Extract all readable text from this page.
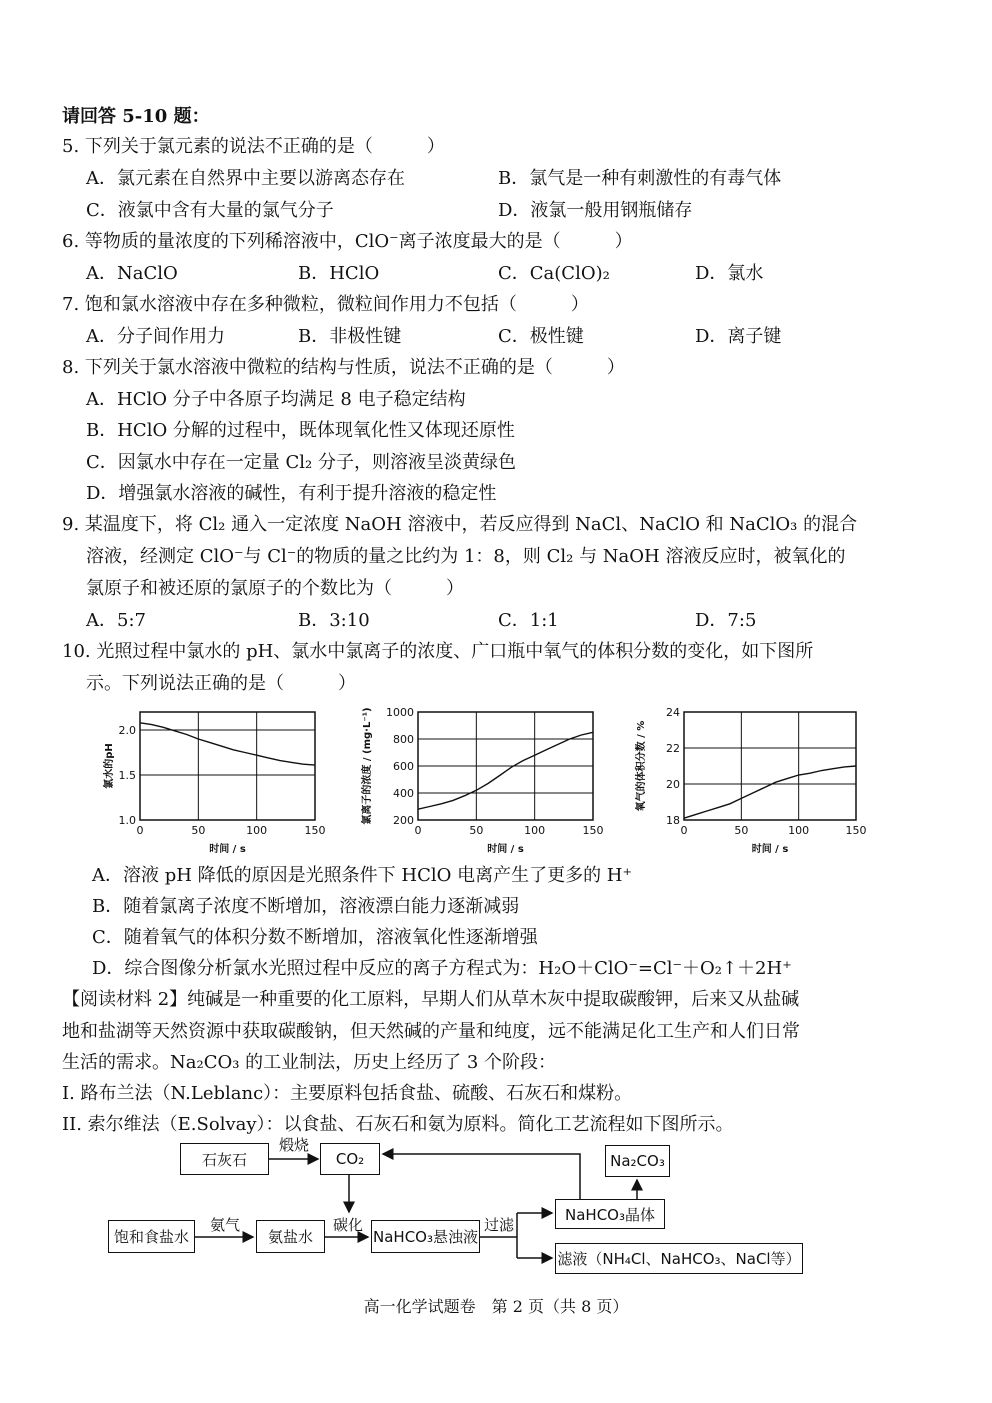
请回答 5-10 题：
5. 下列关于氯元素的说法不正确的是（　　　）
A．氯元素在自然界中主要以游离态存在	B．氯气是一种有刺激性的有毒气体
C．液氯中含有大量的氯气分子	D．液氯一般用钢瓶储存
6. 等物质的量浓度的下列稀溶液中，ClO⁻离子浓度最大的是（　　　）
A．NaClO	B．HClO	C．Ca(ClO)₂	D．氯水
7. 饱和氯水溶液中存在多种微粒，微粒间作用力不包括（　　　）
A．分子间作用力	B．非极性键	C．极性键	D．离子键
8. 下列关于氯水溶液中微粒的结构与性质，说法不正确的是（　　　）
A．HClO 分子中各原子均满足 8 电子稳定结构
B．HClO 分解的过程中，既体现氧化性又体现还原性
C．因氯水中存在一定量 Cl₂ 分子，则溶液呈淡黄绿色
D．增强氯水溶液的碱性，有利于提升溶液的稳定性
9. 某温度下，将 Cl₂ 通入一定浓度 NaOH 溶液中，若反应得到 NaCl、NaClO 和 NaClO₃ 的混合
溶液，经测定 ClO⁻与 Cl⁻的物质的量之比约为 1：8，则 Cl₂ 与 NaOH 溶液反应时，被氧化的
氯原子和被还原的氯原子的个数比为（　　　）
A．5:7	B．3:10	C．1:1	D．7:5
10. 光照过程中氯水的 pH、氯水中氯离子的浓度、广口瓶中氧气的体积分数的变化，如下图所
示。下列说法正确的是（　　　）
1.0
1.5
2.0
0	50	100	150
时间 / s
氯水的pH
200
400
600
800
1000
0	50	100	150
时间 / s
氯离子的浓度 / (mg·L⁻¹)	18
20
22
24
0	50	100	150
时间 / s
氧气的体积分数 / %
A．溶液 pH 降低的原因是光照条件下 HClO 电离产生了更多的 H⁺
B．随着氯离子浓度不断增加，溶液漂白能力逐渐减弱
C．随着氧气的体积分数不断增加，溶液氧化性逐渐增强
D．综合图像分析氯水光照过程中反应的离子方程式为：H₂O＋ClO⁻=Cl⁻＋O₂↑＋2H⁺
【阅读材料 2】纯碱是一种重要的化工原料，早期人们从草木灰中提取碳酸钾，后来又从盐碱
地和盐湖等天然资源中获取碳酸钠，但天然碱的产量和纯度，远不能满足化工生产和人们日常
生活的需求。Na₂CO₃ 的工业制法，历史上经历了 3 个阶段：
I. 路布兰法（N.Leblanc）：主要原料包括食盐、硫酸、石灰石和煤粉。
II. 索尔维法（E.Solvay）：以食盐、石灰石和氨为原料。简化工艺流程如下图所示。
石灰石
煅烧
CO₂	Na₂CO₃
饱和食盐水
氨气
氨盐水
碳化
NaHCO₃悬浊液
过滤
NaHCO₃晶体
滤液（NH₄Cl、NaHCO₃、NaCl等）
高一化学试题卷　第 2 页（共 8 页）
